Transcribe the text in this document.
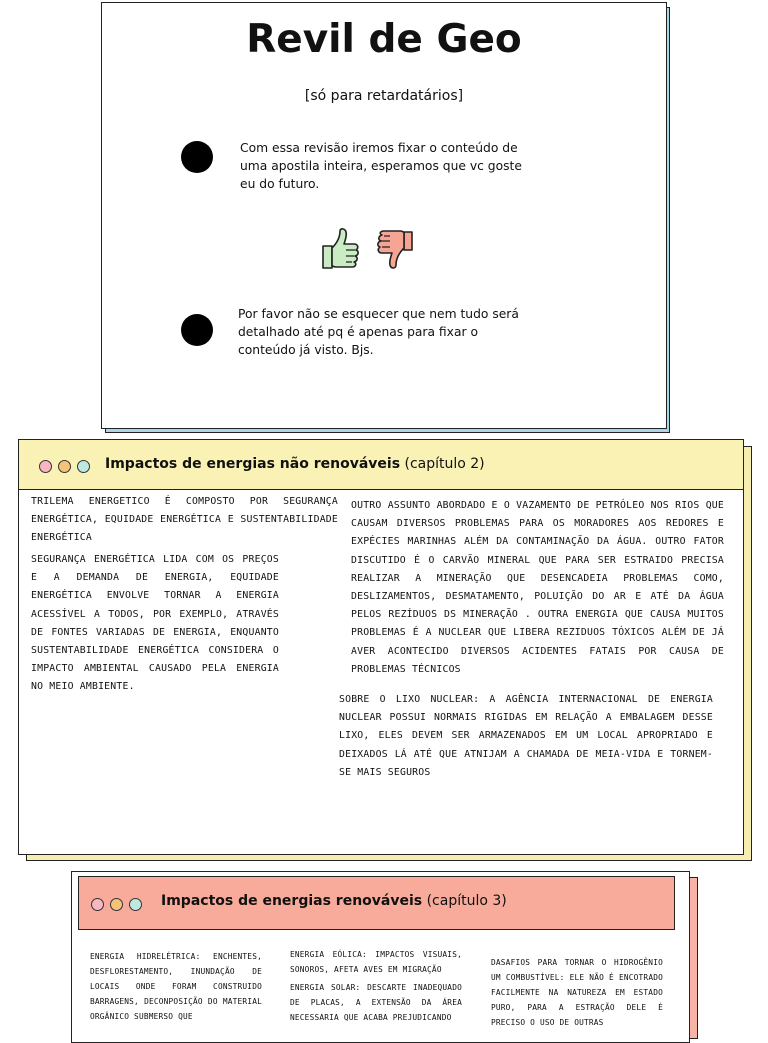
Revil de Geo
[só para retardatários]
Com essa revisão iremos fixar o conteúdo de
uma apostila inteira, esperamos que vc goste
eu do futuro.
Por favor não se esquecer que nem tudo será
detalhado até pq é apenas para fixar o
conteúdo já visto. Bjs.
Impactos de energias não renováveis (capítulo 2)
TRILEMA ENERGETICO É COMPOSTO POR SEGURANÇA ENERGÉTICA, EQUIDADE ENERGÉTICA E SUSTENTABILIDADE ENERGÉTICA
SEGURANÇA ENERGÉTICA LIDA COM OS PREÇOS E A DEMANDA DE ENERGIA, EQUIDADE ENERGÉTICA ENVOLVE TORNAR A ENERGIA ACESSÍVEL A TODOS, POR EXEMPLO, ATRAVÉS DE FONTES VARIADAS DE ENERGIA, ENQUANTO SUSTENTABILIDADE ENERGÉTICA CONSIDERA O IMPACTO AMBIENTAL CAUSADO PELA ENERGIA NO MEIO AMBIENTE.
OUTRO ASSUNTO ABORDADO E O VAZAMENTO DE PETRÓLEO NOS RIOS QUE CAUSAM DIVERSOS PROBLEMAS PARA OS MORADORES AOS REDORES E EXPÉCIES MARINHAS ALÉM DA CONTAMINAÇÃO DA ÁGUA. OUTRO FATOR DISCUTIDO É O CARVÃO MINERAL QUE PARA SER ESTRAIDO PRECISA REALIZAR A MINERAÇÃO QUE DESENCADEIA PROBLEMAS COMO, DESLIZAMENTOS, DESMATAMENTO, POLUIÇÃO DO AR E ATÉ DA ÁGUA PELOS REZÍDUOS DS MINERAÇÃO . OUTRA ENERGIA QUE CAUSA MUITOS PROBLEMAS É A NUCLEAR QUE LIBERA REZIDUOS TÓXICOS ALÉM DE JÁ AVER ACONTECIDO DIVERSOS ACIDENTES FATAIS POR CAUSA DE PROBLEMAS TÉCNICOS
SOBRE O LIXO NUCLEAR: A AGÊNCIA INTERNACIONAL DE ENERGIA NUCLEAR POSSUI NORMAIS RIGIDAS EM RELAÇÃO A EMBALAGEM DESSE LIXO, ELES DEVEM SER ARMAZENADOS EM UM LOCAL APROPRIADO E DEIXADOS LÁ ATÉ QUE ATNIJAM A CHAMADA DE MEIA-VIDA E TORNEM-SE MAIS SEGUROS
Impactos de energias renováveis (capítulo 3)
ENERGIA HIDRELÉTRICA: ENCHENTES, DESFLORESTAMENTO, INUNDAÇÃO DE LOCAIS ONDE FORAM CONSTRUIDO BARRAGENS, DECONPOSIÇÃO DO MATERIAL ORGÂNICO SUBMERSO QUE
ENERGIA EÓLICA: IMPACTOS VISUAIS, SONOROS, AFETA AVES EM MIGRAÇÃO
ENERGIA SOLAR: DESCARTE INADEQUADO DE PLACAS, A EXTENSÃO DA ÁREA NECESSARIA QUE ACABA PREJUDICANDO
DASAFIOS PARA TORNAR O HIDROGÊNIO UM COMBUSTÍVEL: ELE NÃO É ENCOTRADO FACILMENTE NA NATUREZA EM ESTADO PURO, PARA A ESTRAÇÃO DELE É PRECISO O USO DE OUTRAS
